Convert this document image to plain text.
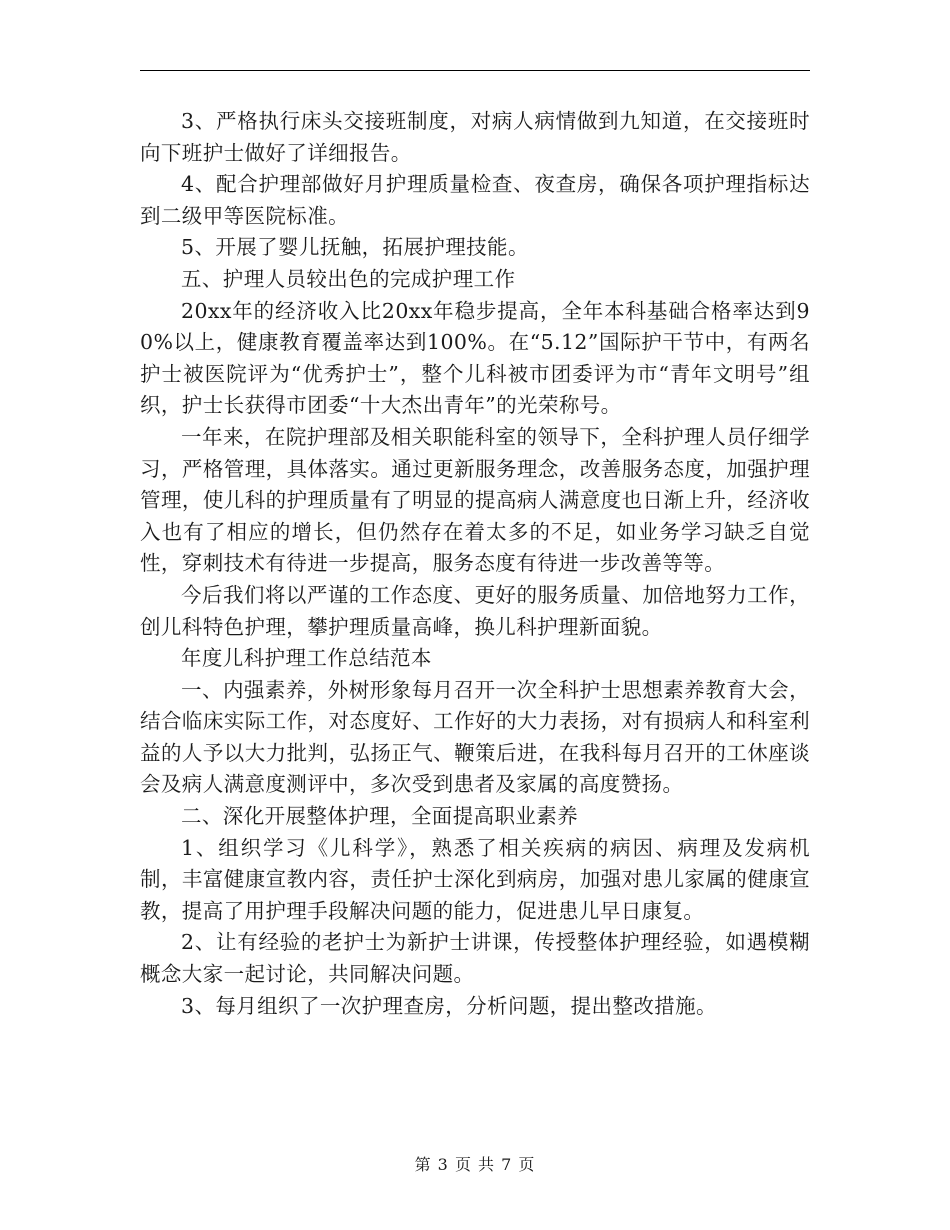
3、严格执行床头交接班制度，对病人病情做到九知道，在交接班时向下班护士做好了详细报告。

4、配合护理部做好月护理质量检查、夜查房，确保各项护理指标达到二级甲等医院标准。

5、开展了婴儿抚触，拓展护理技能。

五、护理人员较出色的完成护理工作

20xx年的经济收入比20xx年稳步提高，全年本科基础合格率达到90%以上，健康教育覆盖率达到100%。在“5.12”国际护干节中，有两名护士被医院评为“优秀护士”，整个儿科被市团委评为市“青年文明号”组织，护士长获得市团委“十大杰出青年”的光荣称号。

一年来，在院护理部及相关职能科室的领导下，全科护理人员仔细学习，严格管理，具体落实。通过更新服务理念，改善服务态度，加强护理管理，使儿科的护理质量有了明显的提高病人满意度也日渐上升，经济收入也有了相应的增长，但仍然存在着太多的不足，如业务学习缺乏自觉性，穿刺技术有待进一步提高，服务态度有待进一步改善等等。

今后我们将以严谨的工作态度、更好的服务质量、加倍地努力工作，创儿科特色护理，攀护理质量高峰，换儿科护理新面貌。

年度儿科护理工作总结范本

一、内强素养，外树形象每月召开一次全科护士思想素养教育大会，结合临床实际工作，对态度好、工作好的大力表扬，对有损病人和科室利益的人予以大力批判，弘扬正气、鞭策后进，在我科每月召开的工休座谈会及病人满意度测评中，多次受到患者及家属的高度赞扬。

二、深化开展整体护理，全面提高职业素养

1、组织学习《儿科学》，熟悉了相关疾病的病因、病理及发病机制，丰富健康宣教内容，责任护士深化到病房，加强对患儿家属的健康宣教，提高了用护理手段解决问题的能力，促进患儿早日康复。

2、让有经验的老护士为新护士讲课，传授整体护理经验，如遇模糊概念大家一起讨论，共同解决问题。

3、每月组织了一次护理查房，分析问题，提出整改措施。

第 3 页 共 7 页
